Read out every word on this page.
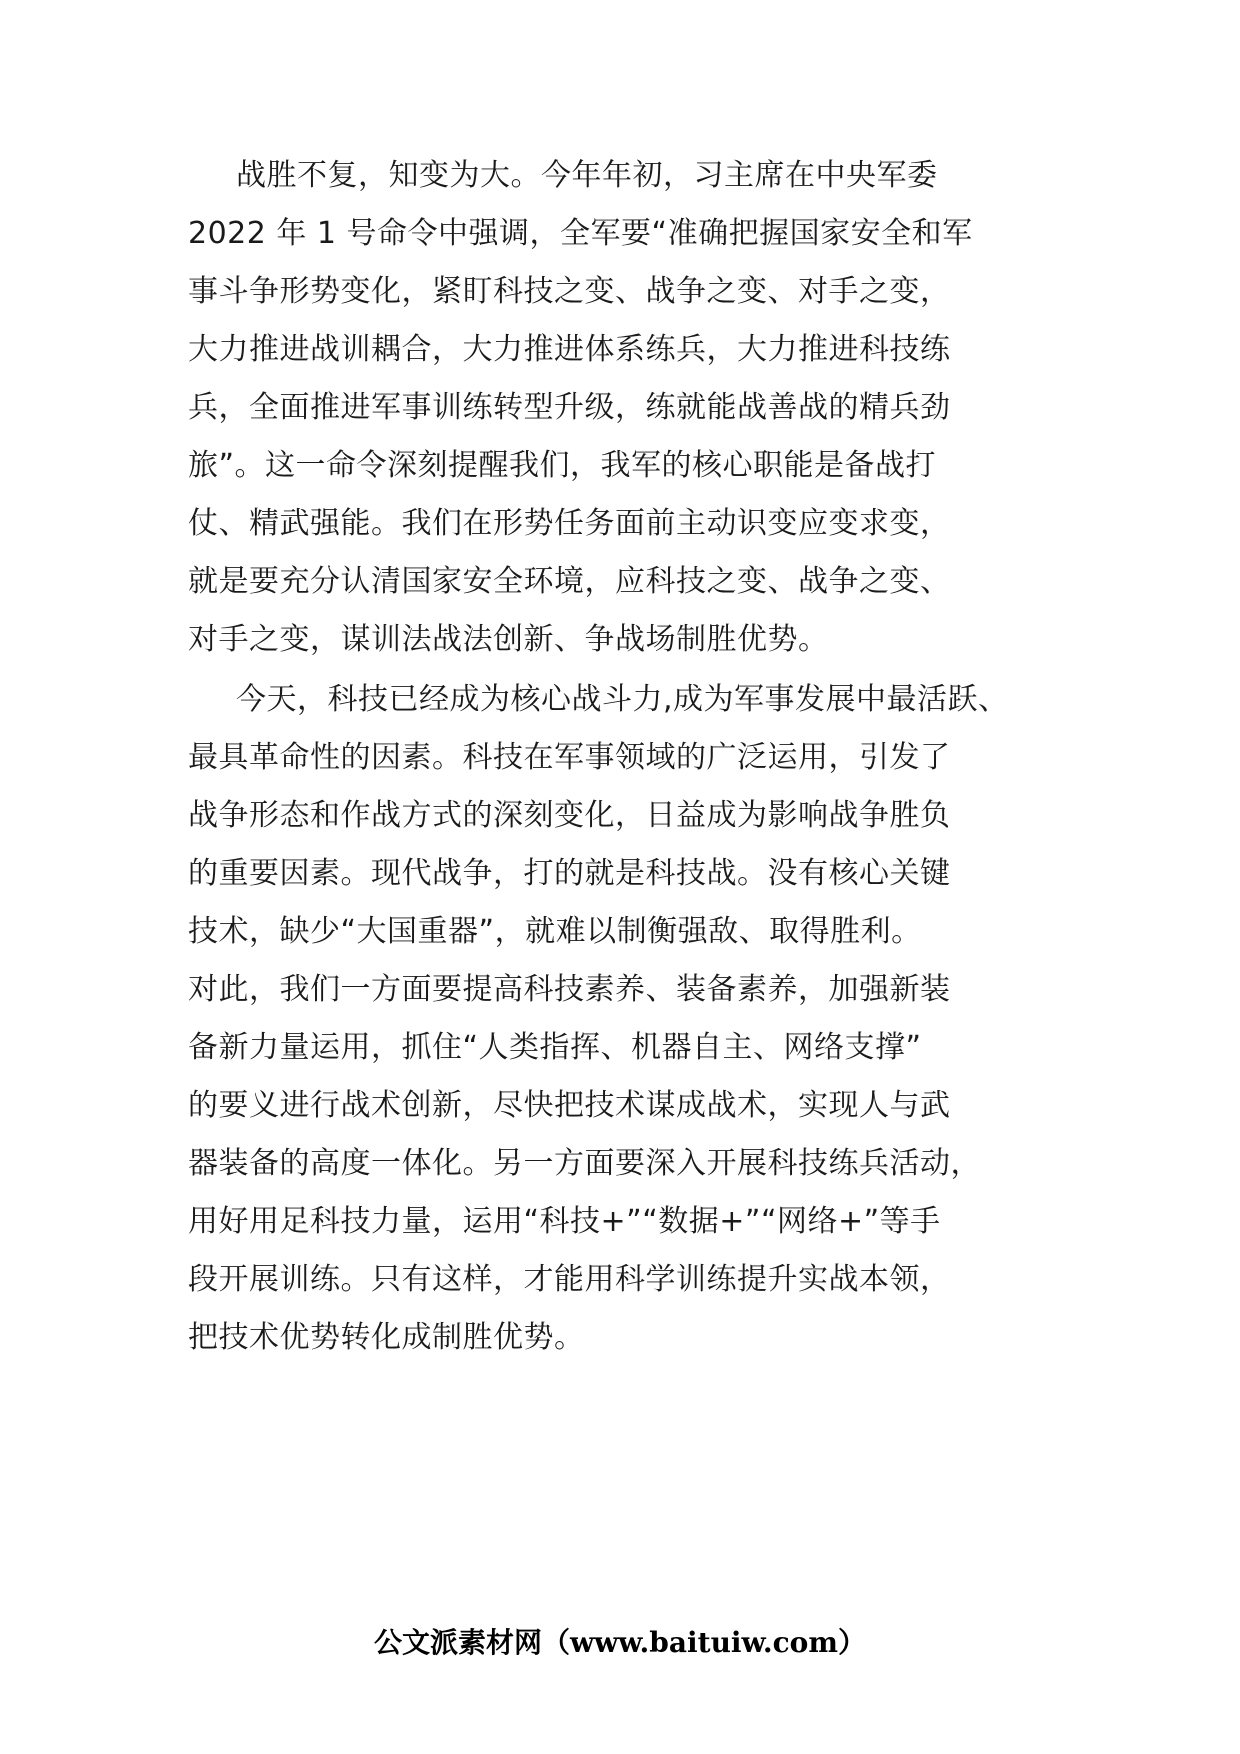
战胜不复，知变为大。今年年初，习主席在中央军委
2022 年 1 号命令中强调，全军要“准确把握国家安全和军
事斗争形势变化，紧盯科技之变、战争之变、对手之变，
大力推进战训耦合，大力推进体系练兵，大力推进科技练
兵，全面推进军事训练转型升级，练就能战善战的精兵劲
旅”。这一命令深刻提醒我们，我军的核心职能是备战打
仗、精武强能。我们在形势任务面前主动识变应变求变，
就是要充分认清国家安全环境，应科技之变、战争之变、
对手之变，谋训法战法创新、争战场制胜优势。
今天，科技已经成为核心战斗力,成为军事发展中最活跃、
最具革命性的因素。科技在军事领域的广泛运用，引发了
战争形态和作战方式的深刻变化，日益成为影响战争胜负
的重要因素。现代战争，打的就是科技战。没有核心关键
技术，缺少“大国重器”，就难以制衡强敌、取得胜利。
对此，我们一方面要提高科技素养、装备素养，加强新装
备新力量运用，抓住“人类指挥、机器自主、网络支撑”
的要义进行战术创新，尽快把技术谋成战术，实现人与武
器装备的高度一体化。另一方面要深入开展科技练兵活动，
用好用足科技力量，运用“科技+”“数据+”“网络+”等手
段开展训练。只有这样，才能用科学训练提升实战本领，
把技术优势转化成制胜优势。
公文派素材网（www.baituiw.com）
